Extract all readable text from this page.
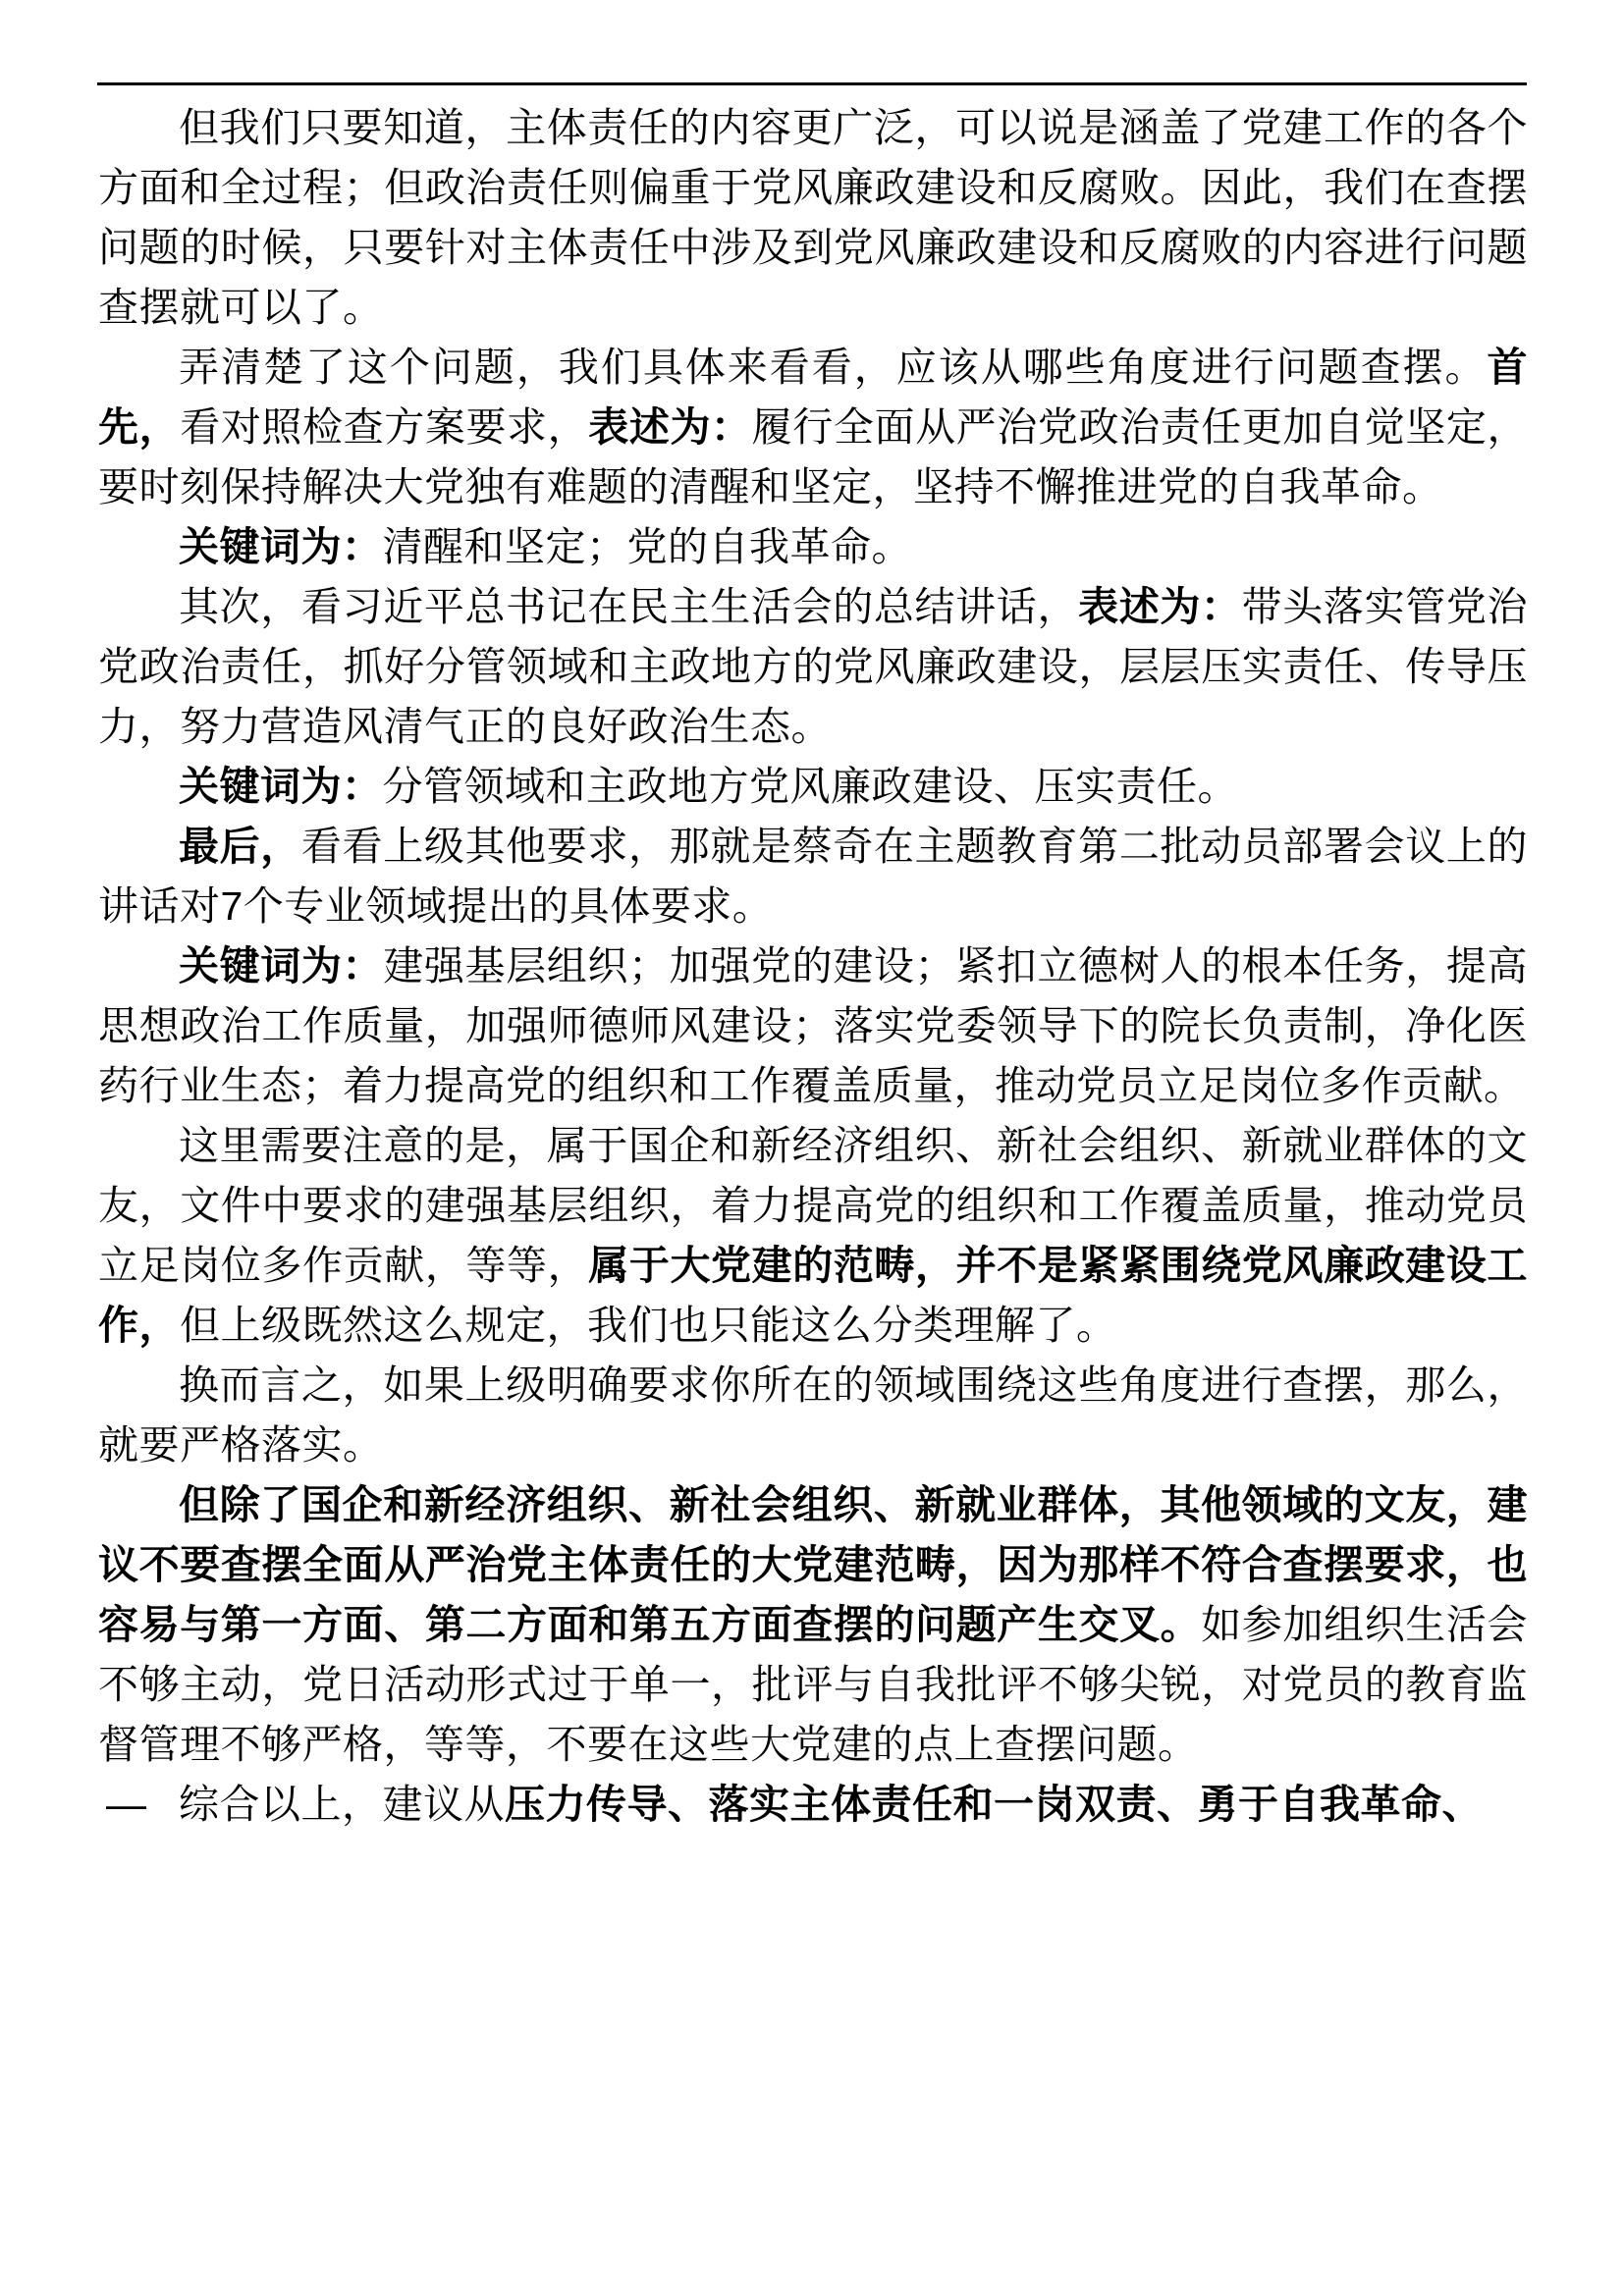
但我们只要知道，主体责任的内容更广泛，可以说是涵盖了党建工作的各个方面和全过程；但政治责任则偏重于党风廉政建设和反腐败。因此，我们在查摆问题的时候，只要针对主体责任中涉及到党风廉政建设和反腐败的内容进行问题查摆就可以了。

弄清楚了这个问题，我们具体来看看，应该从哪些角度进行问题查摆。首先，看对照检查方案要求，表述为：履行全面从严治党政治责任更加自觉坚定，要时刻保持解决大党独有难题的清醒和坚定，坚持不懈推进党的自我革命。

关键词为：清醒和坚定；党的自我革命。

其次，看习近平总书记在民主生活会的总结讲话，表述为：带头落实管党治党政治责任，抓好分管领域和主政地方的党风廉政建设，层层压实责任、传导压力，努力营造风清气正的良好政治生态。

关键词为：分管领域和主政地方党风廉政建设、压实责任。

最后，看看上级其他要求，那就是蔡奇在主题教育第二批动员部署会议上的讲话对7个专业领域提出的具体要求。

关键词为：建强基层组织；加强党的建设；紧扣立德树人的根本任务，提高思想政治工作质量，加强师德师风建设；落实党委领导下的院长负责制，净化医药行业生态；着力提高党的组织和工作覆盖质量，推动党员立足岗位多作贡献。

这里需要注意的是，属于国企和新经济组织、新社会组织、新就业群体的文友，文件中要求的建强基层组织，着力提高党的组织和工作覆盖质量，推动党员立足岗位多作贡献，等等，属于大党建的范畴，并不是紧紧围绕党风廉政建设工作，但上级既然这么规定，我们也只能这么分类理解了。

换而言之，如果上级明确要求你所在的领域围绕这些角度进行查摆，那么，就要严格落实。

但除了国企和新经济组织、新社会组织、新就业群体，其他领域的文友，建议不要查摆全面从严治党主体责任的大党建范畴，因为那样不符合查摆要求，也容易与第一方面、第二方面和第五方面查摆的问题产生交叉。如参加组织生活会不够主动，党日活动形式过于单一，批评与自我批评不够尖锐，对党员的教育监督管理不够严格，等等，不要在这些大党建的点上查摆问题。

— 综合以上，建议从压力传导、落实主体责任和一岗双责、勇于自我革命、
